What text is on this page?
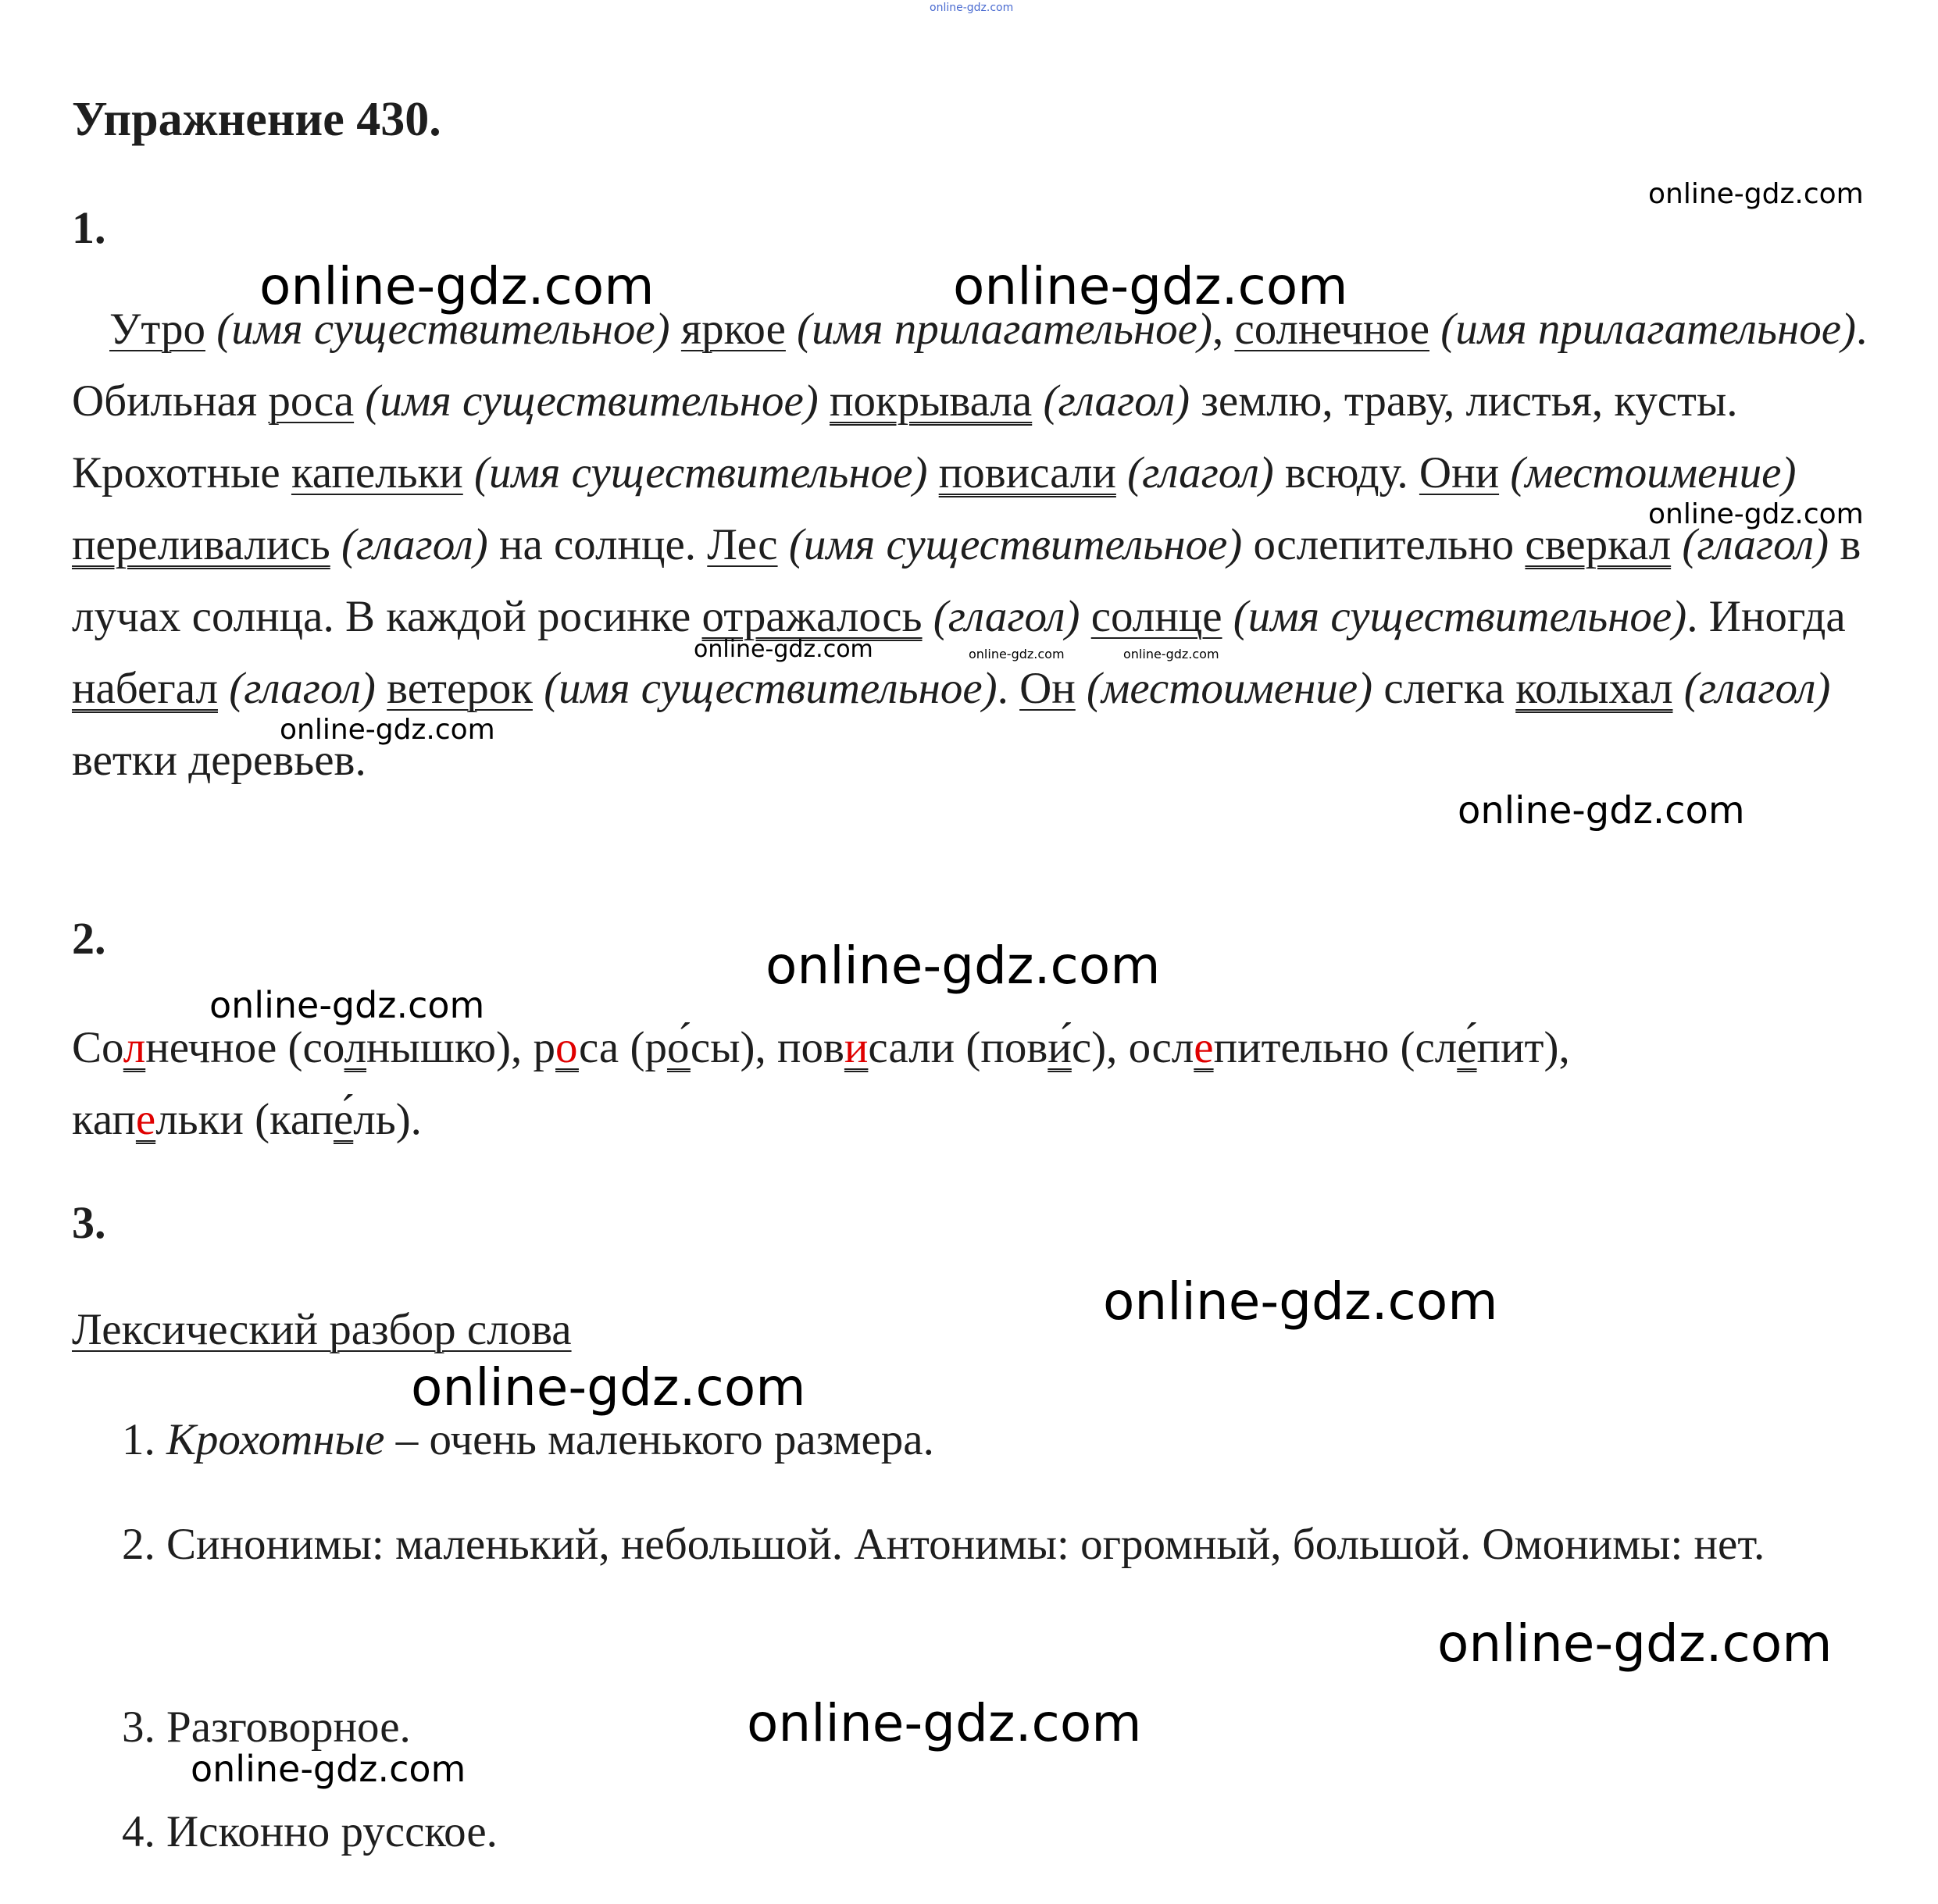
online-gdz.com
Упражнение 430.
1.

Утро (имя существительное) яркое (имя прилагательное), солнечное (имя прилагательное). Обильная роса (имя существительное) покрывала (глагол) землю, траву, листья, кусты. Крохотные капельки (имя существительное) повисали (глагол) всюду. Они (местоимение) переливались (глагол) на солнце. Лес (имя существительное) ослепительно сверкал (глагол) в лучах солнца. В каждой росинке отражалось (глагол) солнце (имя существительное). Иногда набегал (глагол) ветерок (имя существительное). Он (местоимение) слегка колыхал (глагол) ветки деревьев.

2.

Солнечное (солнышко), роса (ро́сы), повисали (пови́с), ослепительно (сле́пит),
капельки (капе́ль).

3.
Лексический разбор слова

1. Крохотные – очень маленького размера.

2. Синонимы: маленький, небольшой. Антонимы: огромный, большой. Омонимы: нет.

3. Разговорное.

4. Исконно русское.

online-gdz.com
online-gdz.com	online-gdz.com
online-gdz.com
online-gdz.com	online-gdz.com	online-gdz.com
online-gdz.com
online-gdz.com
online-gdz.com
online-gdz.com
online-gdz.com
online-gdz.com
online-gdz.com
online-gdz.com
online-gdz.com
